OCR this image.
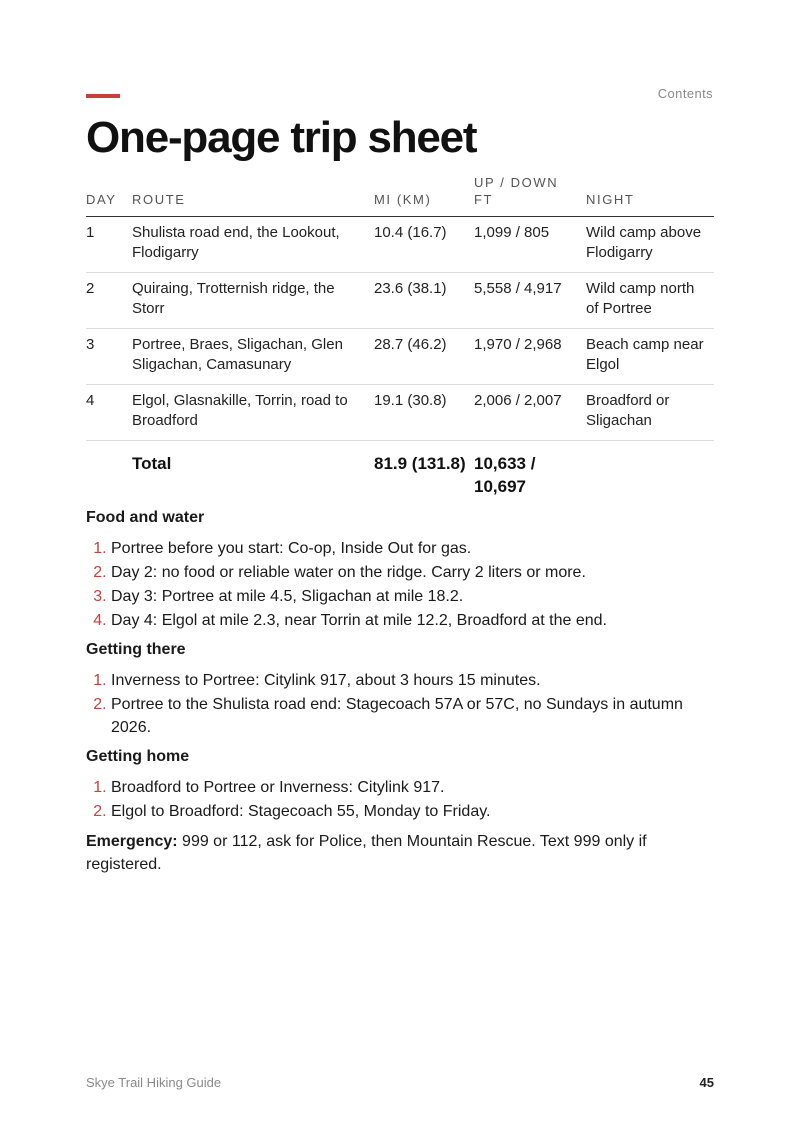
Contents
One-page trip sheet
DAY	ROUTE	MI (KM)	UP / DOWN FT	NIGHT
1	Shulista road end, the Lookout, Flodigarry	10.4 (16.7)	1,099 / 805	Wild camp above Flodigarry
2	Quiraing, Trotternish ridge, the Storr	23.6 (38.1)	5,558 / 4,917	Wild camp north of Portree
3	Portree, Braes, Sligachan, Glen Sligachan, Camasunary	28.7 (46.2)	1,970 / 2,968	Beach camp near Elgol
4	Elgol, Glasnakille, Torrin, road to Broadford	19.1 (30.8)	2,006 / 2,007	Broadford or Sligachan
	Total	81.9 (131.8)	10,633 / 10,697	
Food and water
1. Portree before you start: Co-op, Inside Out for gas.
2. Day 2: no food or reliable water on the ridge. Carry 2 liters or more.
3. Day 3: Portree at mile 4.5, Sligachan at mile 18.2.
4. Day 4: Elgol at mile 2.3, near Torrin at mile 12.2, Broadford at the end.
Getting there
1. Inverness to Portree: Citylink 917, about 3 hours 15 minutes.
2. Portree to the Shulista road end: Stagecoach 57A or 57C, no Sundays in autumn 2026.
Getting home
1. Broadford to Portree or Inverness: Citylink 917.
2. Elgol to Broadford: Stagecoach 55, Monday to Friday.

Emergency: 999 or 112, ask for Police, then Mountain Rescue. Text 999 only if registered.

Skye Trail Hiking Guide	45
